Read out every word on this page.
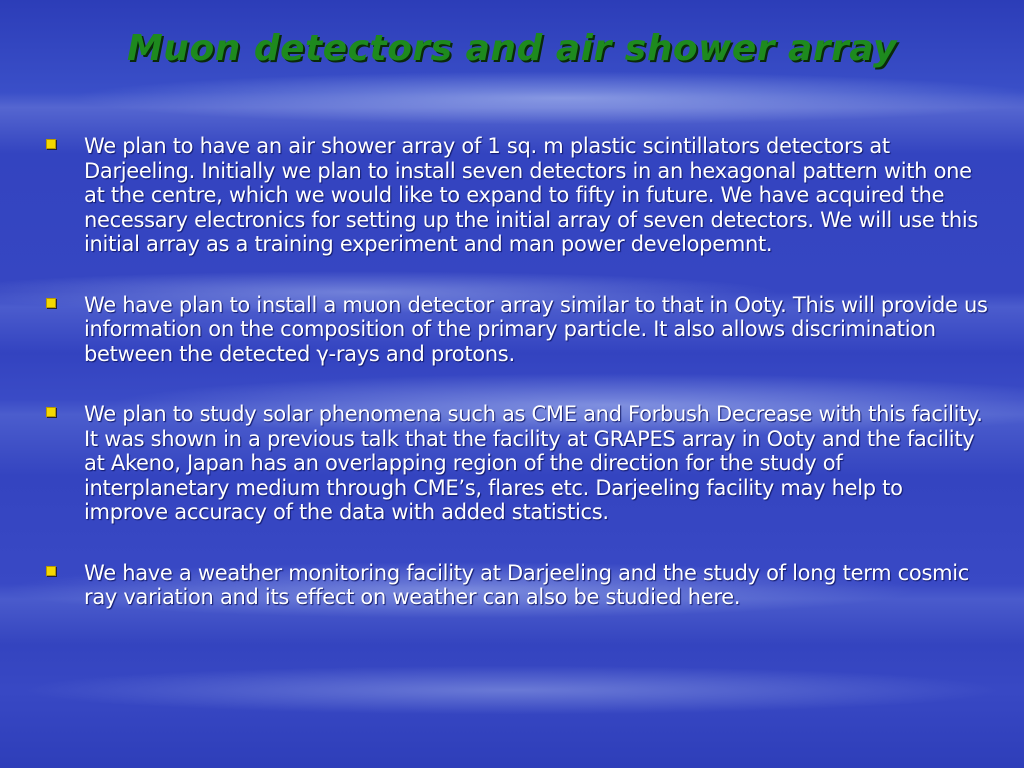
Muon detectors and air shower array
We plan to have an air shower array of 1 sq. m plastic scintillators detectors at Darjeeling. Initially we plan to install seven detectors in an hexagonal pattern with one at the centre, which we would like to expand to fifty in future. We have acquired the necessary electronics for setting up the initial array of seven detectors. We will use this initial array as a training experiment and man power developemnt.
We have plan to install a muon detector array similar to that in Ooty. This will provide us information on the composition of the primary particle. It also allows discrimination between the detected γ-rays and protons.
We plan to study solar phenomena such as CME and Forbush Decrease with this facility. It was shown in a previous talk that the facility at GRAPES array in Ooty and the facility at Akeno, Japan has an overlapping region of the direction for the study of interplanetary medium through CME’s, flares etc. Darjeeling facility may help to improve accuracy of the data with added statistics.
We have a weather monitoring facility at Darjeeling and the study of long term cosmic ray variation and its effect on weather can also be studied here.
